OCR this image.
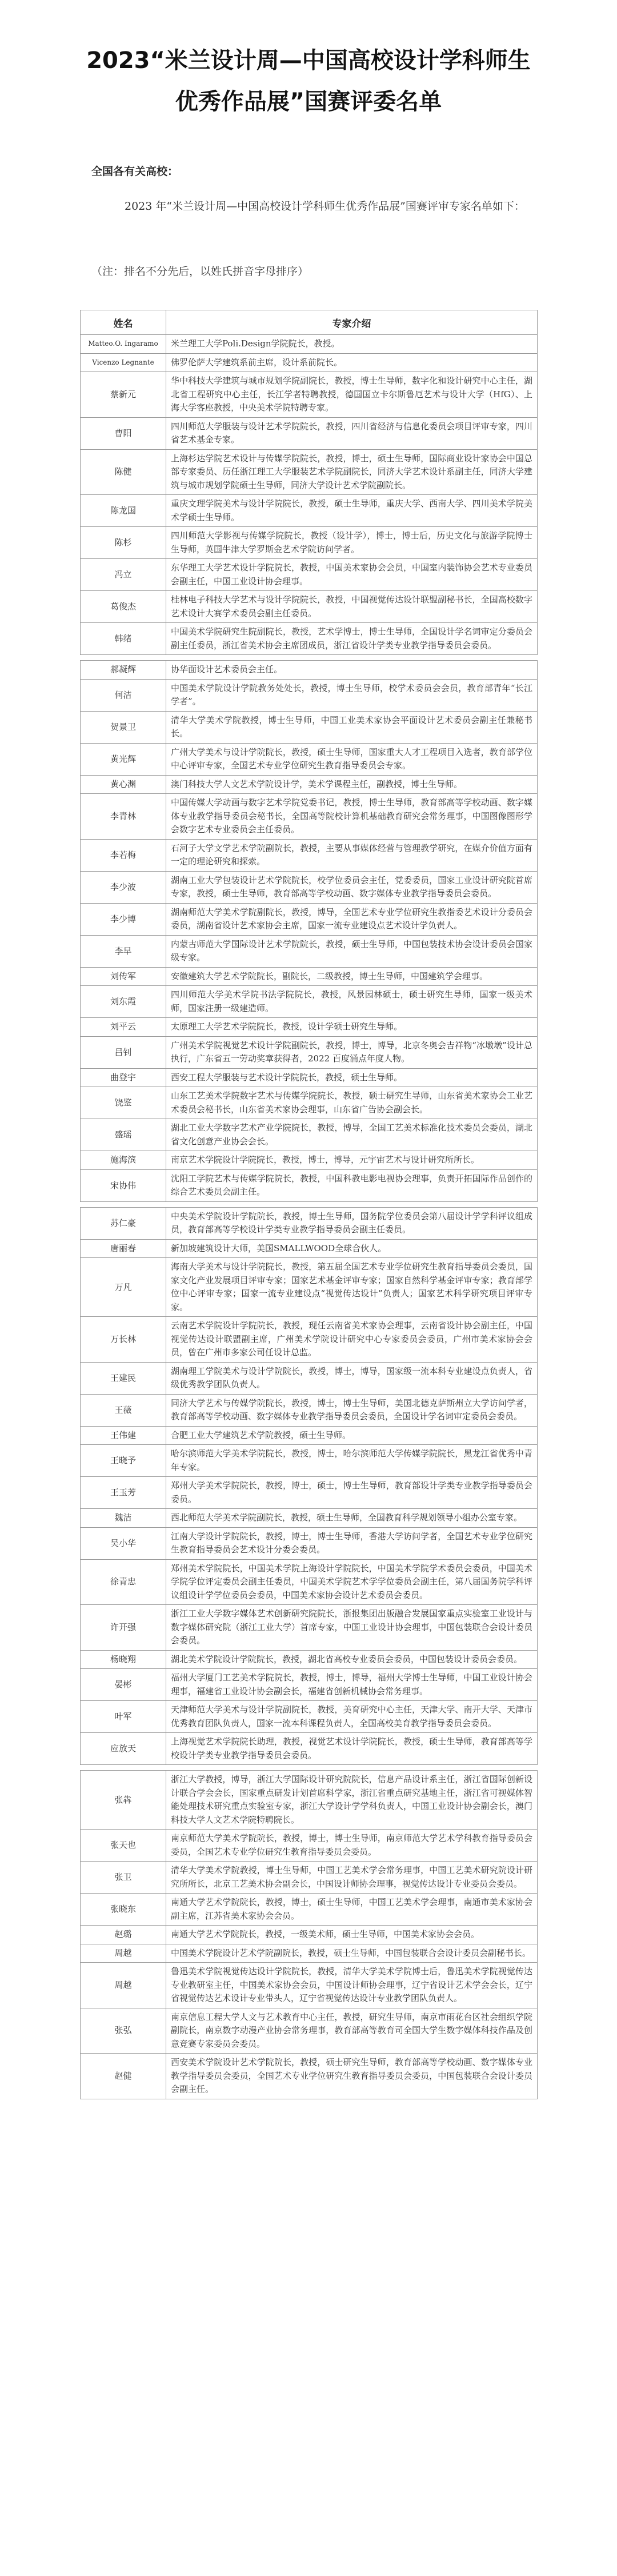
2023“米兰设计周—中国高校设计学科师生
优秀作品展”国赛评委名单
全国各有关高校：
2023 年“米兰设计周—中国高校设计学科师生优秀作品展”国赛评审专家名单如下：
（注：排名不分先后，以姓氏拼音字母排序）
姓名	专家介绍
Matteo.O. Ingaramo	米兰理工大学Poli.Design学院院长，教授。
Vicenzo Legnante	佛罗伦萨大学建筑系前主席，设计系前院长。
蔡新元	华中科技大学建筑与城市规划学院副院长，教授，博士生导师，数字化和设计研究中心主任，湖北省工程研究中心主任，长江学者特聘教授，德国国立卡尔斯鲁厄艺术与设计大学（HfG）、上海大学客座教授，中央美术学院特聘专家。
曹阳	四川师范大学服装与设计艺术学院院长，教授，四川省经济与信息化委员会项目评审专家，四川省艺术基金专家。
陈健	上海杉达学院艺术设计与传媒学院院长，教授，博士，硕士生导师，国际商业设计家协会中国总部专家委员、历任浙江理工大学服装艺术学院副院长，同济大学艺术设计系副主任，同济大学建筑与城市规划学院硕士生导师，同济大学设计艺术学院副院长。
陈龙国	重庆文理学院美术与设计学院院长，教授，硕士生导师，重庆大学、西南大学、四川美术学院美术学硕士生导师。
陈杉	四川师范大学影视与传媒学院院长，教授（设计学），博士，博士后，历史文化与旅游学院博士生导师，英国牛津大学罗斯金艺术学院访问学者。
冯立	东华理工大学艺术设计学院院长，教授，中国美术家协会会员，中国室内装饰协会艺术专业委员会副主任，中国工业设计协会理事。
葛俊杰	桂林电子科技大学艺术与设计学院院长，教授，中国视觉传达设计联盟副秘书长，全国高校数字艺术设计大赛学术委员会副主任委员。
韩绪	中国美术学院研究生院副院长，教授，艺术学博士，博士生导师，全国设计学名词审定分委员会副主任委员，浙江省美术协会主席团成员，浙江省设计学类专业教学指导委员会委员。

郝凝辉	协华面设计艺术委员会主任。
何洁	中国美术学院设计学院教务处处长，教授，博士生导师，校学术委员会会员，教育部青年“长江学者”。
贺景卫	清华大学美术学院教授，博士生导师，中国工业美术家协会平面设计艺术委员会副主任兼秘书长。
黄光辉	广州大学美术与设计学院院长，教授，硕士生导师，国家重大人才工程项目入选者，教育部学位中心评审专家，全国艺术专业学位研究生教育指导委员会专家。
黄心渊	澳门科技大学人文艺术学院设计学，美术学课程主任，副教授，博士生导师。
李青林	中国传媒大学动画与数字艺术学院党委书记，教授，博士生导师，教育部高等学校动画、数字媒体专业教学指导委员会秘书长，全国高等院校计算机基础教育研究会常务理事，中国图像图形学会数字艺术专业委员会主任委员。
李若梅	石河子大学文学艺术学院副院长，教授，主要从事媒体经营与管理教学研究，在媒介价值方面有一定的理论研究和探索。
李少波	湖南工业大学包装设计艺术学院院长，校学位委员会主任，党委委员，国家工业设计研究院首席专家，教授，硕士生导师，教育部高等学校动画、数字媒体专业教学指导委员会委员。
李少博	湖南师范大学美术学院副院长，教授，博导，全国艺术专业学位研究生教指委艺术设计分委员会委员，湖南省设计艺术家协会主席，国家一流专业建设点艺术设计学负责人。
李早	内蒙古师范大学国际设计艺术学院院长，教授，硕士生导师，中国包装技术协会设计委员会国家级专家。
刘传军	安徽建筑大学艺术学院院长，副院长，二级教授，博士生导师，中国建筑学会理事。
刘东霞	四川师范大学美术学院书法学院院长，教授，风景园林硕士，硕士研究生导师，国家一级美术师，国家注册一级建造师。
刘平云	太原理工大学艺术学院院长，教授，设计学硕士研究生导师。
吕钊	广州美术学院视觉艺术设计学院副院长，教授，博士，博导，北京冬奥会吉祥物“冰墩墩”设计总执行，广东省五一劳动奖章获得者，2022 百度涌点年度人物。
曲登宇	西安工程大学服装与艺术设计学院院长，教授，硕士生导师。
饶鉴	山东工艺美术学院数字艺术与传媒学院院长，教授，硕士研究生导师，山东省美术家协会工业艺术委员会秘书长，山东省美术家协会理事，山东省广告协会副会长。
盛瑶	湖北工业大学数字艺术产业学院院长，教授，博导，全国工艺美术标准化技术委员会委员，湖北省文化创意产业协会会长。
施海滨	南京艺术学院设计学院院长，教授，博士，博导，元宇宙艺术与设计研究所所长。
宋协伟	沈阳工学院艺术与传媒学院院长，教授，中国科教电影电视协会理事，负责开拓国际作品创作的综合艺术委员会副主任。

苏仁豪	中央美术学院设计学院院长，教授，博士生导师，国务院学位委员会第八届设计学学科评议组成员，教育部高等学校设计学类专业教学指导委员会副主任委员。
唐丽春	新加坡建筑设计大师，美国SMALLWOOD全球合伙人。
万凡	海南大学美术与设计学院院长，教授，第五届全国艺术专业学位研究生教育指导委员会委员，国家文化产业发展项目评审专家；国家艺术基金评审专家；国家自然科学基金评审专家；教育部学位中心评审专家；国家一流专业建设点“视觉传达设计”负责人；国家艺术科学研究项目评审专家。
万长林	云南艺术学院设计学院院长，教授，现任云南省美术家协会理事，云南省设计协会副主任，中国视觉传达设计联盟副主席，广州美术学院设计研究中心专家委员会委员，广州市美术家协会会员，曾在广州市多家公司任设计总监。
王建民	湖南理工学院美术与设计学院院长，教授，博士，博导，国家级一流本科专业建设点负责人，省级优秀教学团队负责人。
王薇	同济大学艺术与传媒学院院长，教授，博士，博士生导师，美国北德克萨斯州立大学访问学者，教育部高等学校动画、数字媒体专业教学指导委员会委员，全国设计学名词审定委员会委员。
王伟建	合肥工业大学建筑艺术学院教授，硕士生导师。
王晓予	哈尔滨师范大学美术学院院长，教授，博士，哈尔滨师范大学传媒学院院长，黑龙江省优秀中青年专家。
王玉芳	郑州大学美术学院院长，教授，博士，硕士，博士生导师，教育部设计学类专业教学指导委员会委员。
魏洁	西北师范大学美术学院副院长，教授，硕士生导师，全国教育科学规划领导小组办公室专家。
吴小华	江南大学设计学院院长，教授，博士，博士生导师，香港大学访问学者，全国艺术专业学位研究生教育指导委员会艺术设计分委会委员。
徐青忠	郑州美术学院院长，中国美术学院上海设计学院院长，中国美术学院学术委员会委员，中国美术学院学位评定委员会副主任委员，中国美术学院艺术学学位委员会副主任，第八届国务院学科评议组设计学学位委员会委员，中国美术家协会设计艺术委员会委员。
许开强	浙江工业大学数字媒体艺术创新研究院院长，浙报集团出版融合发展国家重点实验室工业设计与数字媒体研究院（浙江工业大学）首席专家，中国工业设计协会理事，中国包装联合会设计委员会委员。
杨晓翔	湖北美术学院设计学院院长，教授，湖北省高校专业委员会委员，中国包装设计委员会委员。
晏彬	福州大学厦门工艺美术学院院长，教授，博士，博导，福州大学博士生导师，中国工业设计协会理事，福建省工业设计协会副会长，福建省创新机械协会常务理事。
叶军	天津师范大学美术与设计学院副院长，教授，美育研究中心主任，天津大学、南开大学、天津市优秀教育团队负责人，国家一流本科课程负责人，全国高校美育教学指导委员会委员。
应放天	上海视觉艺术学院院长助理，教授，视觉艺术设计学院院长，教授，硕士生导师，教育部高等学校设计学类专业教学指导委员会委员。

张犇	浙江大学教授，博导，浙江大学国际设计研究院院长，信息产品设计系主任，浙江省国际创新设计联合学会会长，国家重点研发计划首席科学家，浙江省重点研究基地主任，浙江省可视媒体智能处理技术研究重点实验室专家，浙江大学设计学学科负责人，中国工业设计协会副会长，澳门科技大学人文艺术学院特聘院长。
张天也	南京师范大学美术学院院长，教授，博士，博士生导师，南京师范大学艺术学科教育指导委员会委员，全国艺术专业学位研究生教育指导委员会委员。
张卫	清华大学美术学院教授，博士生导师，中国工艺美术学会常务理事，中国工艺美术研究院设计研究所所长，北京工艺美术协会副会长，中国设计师协会理事，视觉传达设计专业委员会委员。
张晓东	南通大学艺术学院院长，教授，博士，硕士生导师，中国工艺美术学会理事，南通市美术家协会副主席，江苏省美术家协会会员。
赵璐	南通大学艺术学院院长，教授，一级美术师，硕士生导师，中国美术家协会会员。
周越	中国美术学院设计艺术学院副院长，教授，硕士生导师，中国包装联合会设计委员会副秘书长。
周越	鲁迅美术学院视觉传达设计学院院长，教授，清华大学美术学院博士后，鲁迅美术学院视觉传达专业教研室主任，中国美术家协会会员，中国设计师协会理事，辽宁省设计艺术学会会长，辽宁省视觉传达艺术设计专业带头人，辽宁省视觉传达设计专业教学团队负责人。
张弘	南京信息工程大学人文与艺术教育中心主任，教授，研究生导师，南京市雨花台区社会组织学院副院长，南京数字动漫产业协会常务理事，教育部高等教育司全国大学生数字媒体科技作品及创意竞赛专家委员会委员。
赵健	西安美术学院设计艺术学院院长，教授，硕士研究生导师，教育部高等学校动画、数字媒体专业教学指导委员会委员，全国艺术专业学位研究生教育指导委员会委员，中国包装联合会设计委员会副主任。
